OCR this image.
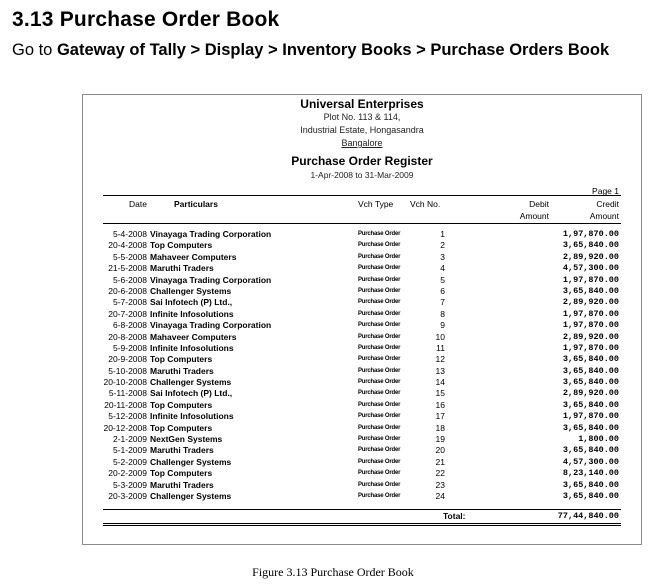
3.13 Purchase Order Book
Go to Gateway of Tally > Display > Inventory Books > Purchase Orders Book
Universal Enterprises
Plot No. 113 & 114,
Industrial Estate, Hongasandra
Bangalore
Purchase Order Register
1-Apr-2008 to 31-Mar-2009
Page 1
Date	Particulars	Vch Type Vch No.	Debit	Credit
Amount	Amount
5-4-2008 Vinayaga Trading Corporation	Purchase Order	1	1,97,870.00
20-4-2008 Top Computers	Purchase Order	2	3,65,840.00
5-5-2008 Mahaveer Computers	Purchase Order	3	2,89,920.00
21-5-2008 Maruthi Traders	Purchase Order	4	4,57,300.00
5-6-2008 Vinayaga Trading Corporation	Purchase Order	5	1,97,870.00
20-6-2008 Challenger Systems	Purchase Order	6	3,65,840.00
5-7-2008 Sai Infotech (P) Ltd.,	Purchase Order	7	2,89,920.00
20-7-2008 Infinite Infosolutions	Purchase Order	8	1,97,870.00
6-8-2008 Vinayaga Trading Corporation	Purchase Order	9	1,97,870.00
20-8-2008 Mahaveer Computers	Purchase Order	10	2,89,920.00
5-9-2008 Infinite Infosolutions	Purchase Order	11	1,97,870.00
20-9-2008 Top Computers	Purchase Order	12	3,65,840.00
5-10-2008 Maruthi Traders	Purchase Order	13	3,65,840.00
20-10-2008 Challenger Systems	Purchase Order	14	3,65,840.00
5-11-2008 Sai Infotech (P) Ltd.,	Purchase Order	15	2,89,920.00
20-11-2008 Top Computers	Purchase Order	16	3,65,840.00
5-12-2008 Infinite Infosolutions	Purchase Order	17	1,97,870.00
20-12-2008 Top Computers	Purchase Order	18	3,65,840.00
2-1-2009 NextGen Systems	Purchase Order	19	1,800.00
5-1-2009 Maruthi Traders	Purchase Order	20	3,65,840.00
5-2-2009 Challenger Systems	Purchase Order	21	4,57,300.00
20-2-2009 Top Computers	Purchase Order	22	8,23,140.00
5-3-2009 Maruthi Traders	Purchase Order	23	3,65,840.00
20-3-2009 Challenger Systems	Purchase Order	24	3,65,840.00
Total:	77,44,840.00
Figure 3.13 Purchase Order Book
